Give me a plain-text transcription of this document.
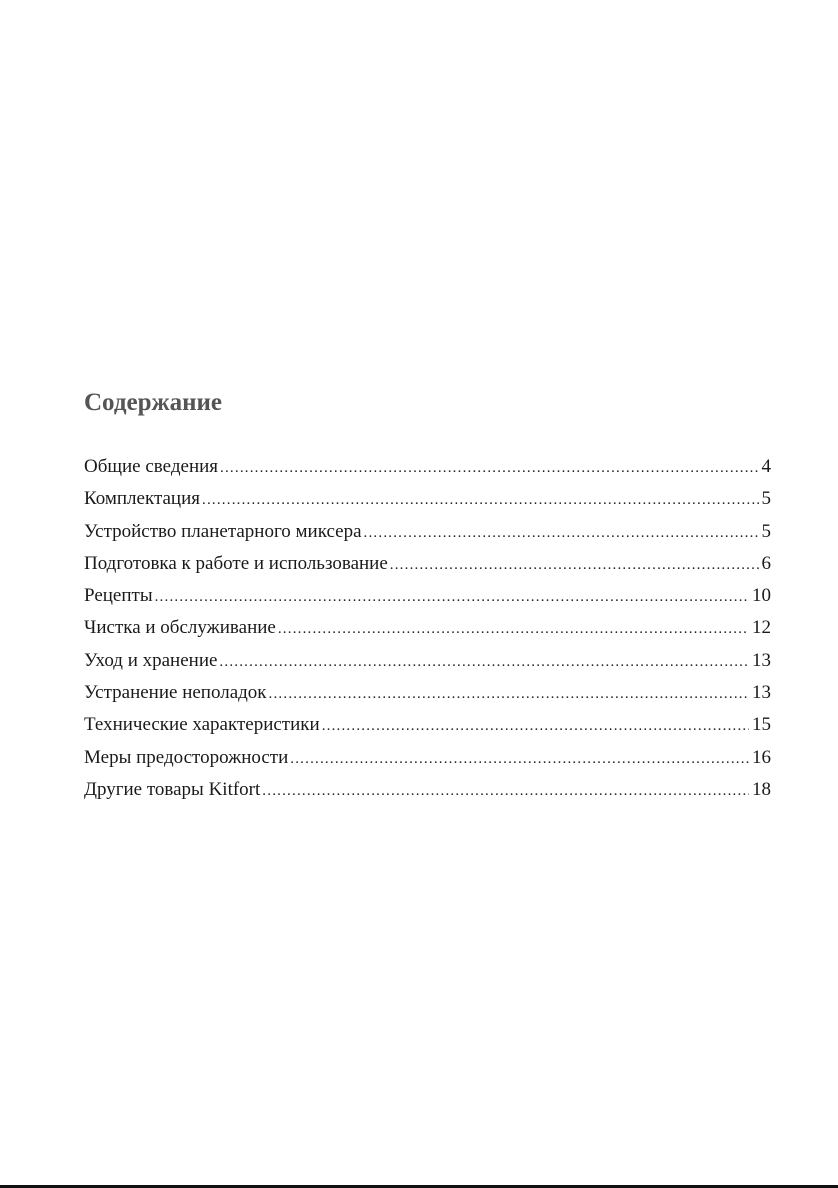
Содержание
Общие сведения .....	4
Комплектация .....	5
Устройство планетарного миксера .....	5
Подготовка к работе и использование .....	6
Рецепты .....	10
Чистка и обслуживание .....	12
Уход и хранение .....	13
Устранение неполадок .....	13
Технические характеристики .....	15
Меры предосторожности .....	16
Другие товары Kitfort .....	18
